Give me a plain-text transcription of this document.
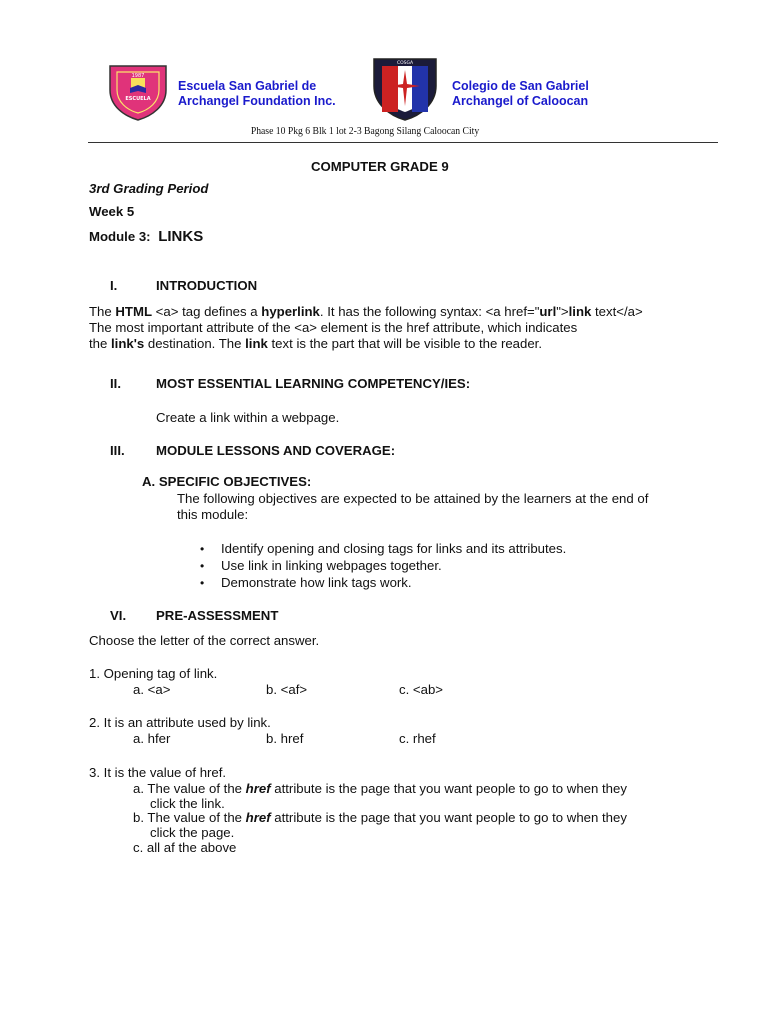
1987
ESCUELA
Escuela San Gabriel de
Archangel Foundation Inc.
COSGA
Colegio de San Gabriel
Archangel of Caloocan
Phase 10 Pkg 6 Blk 1 lot 2-3 Bagong Silang Caloocan City
COMPUTER GRADE 9
3rd Grading Period
Week 5
Module 3: LINKS
I.	INTRODUCTION
The HTML <a> tag defines a hyperlink. It has the following syntax: <a href="url">link text</a>
The most important attribute of the <a> element is the href attribute, which indicates
the link's destination. The link text is the part that will be visible to the reader.
II.	MOST ESSENTIAL LEARNING COMPETENCY/IES:
Create a link within a webpage.
III. MODULE LESSONS AND COVERAGE:
A. SPECIFIC OBJECTIVES:
The following objectives are expected to be attained by the learners at the end of
this module:
• Identify opening and closing tags for links and its attributes.
• Use link in linking webpages together.
• Demonstrate how link tags work.
VI. PRE-ASSESSMENT
Choose the letter of the correct answer.
1. Opening tag of link.
a. <a>	b. <af>	c. <ab>
2. It is an attribute used by link.
a. hfer	b. href	c. rhef
3. It is the value of href.
a. The value of the href attribute is the page that you want people to go to when they
click the link.
b. The value of the href attribute is the page that you want people to go to when they
click the page.
c. all af the above
